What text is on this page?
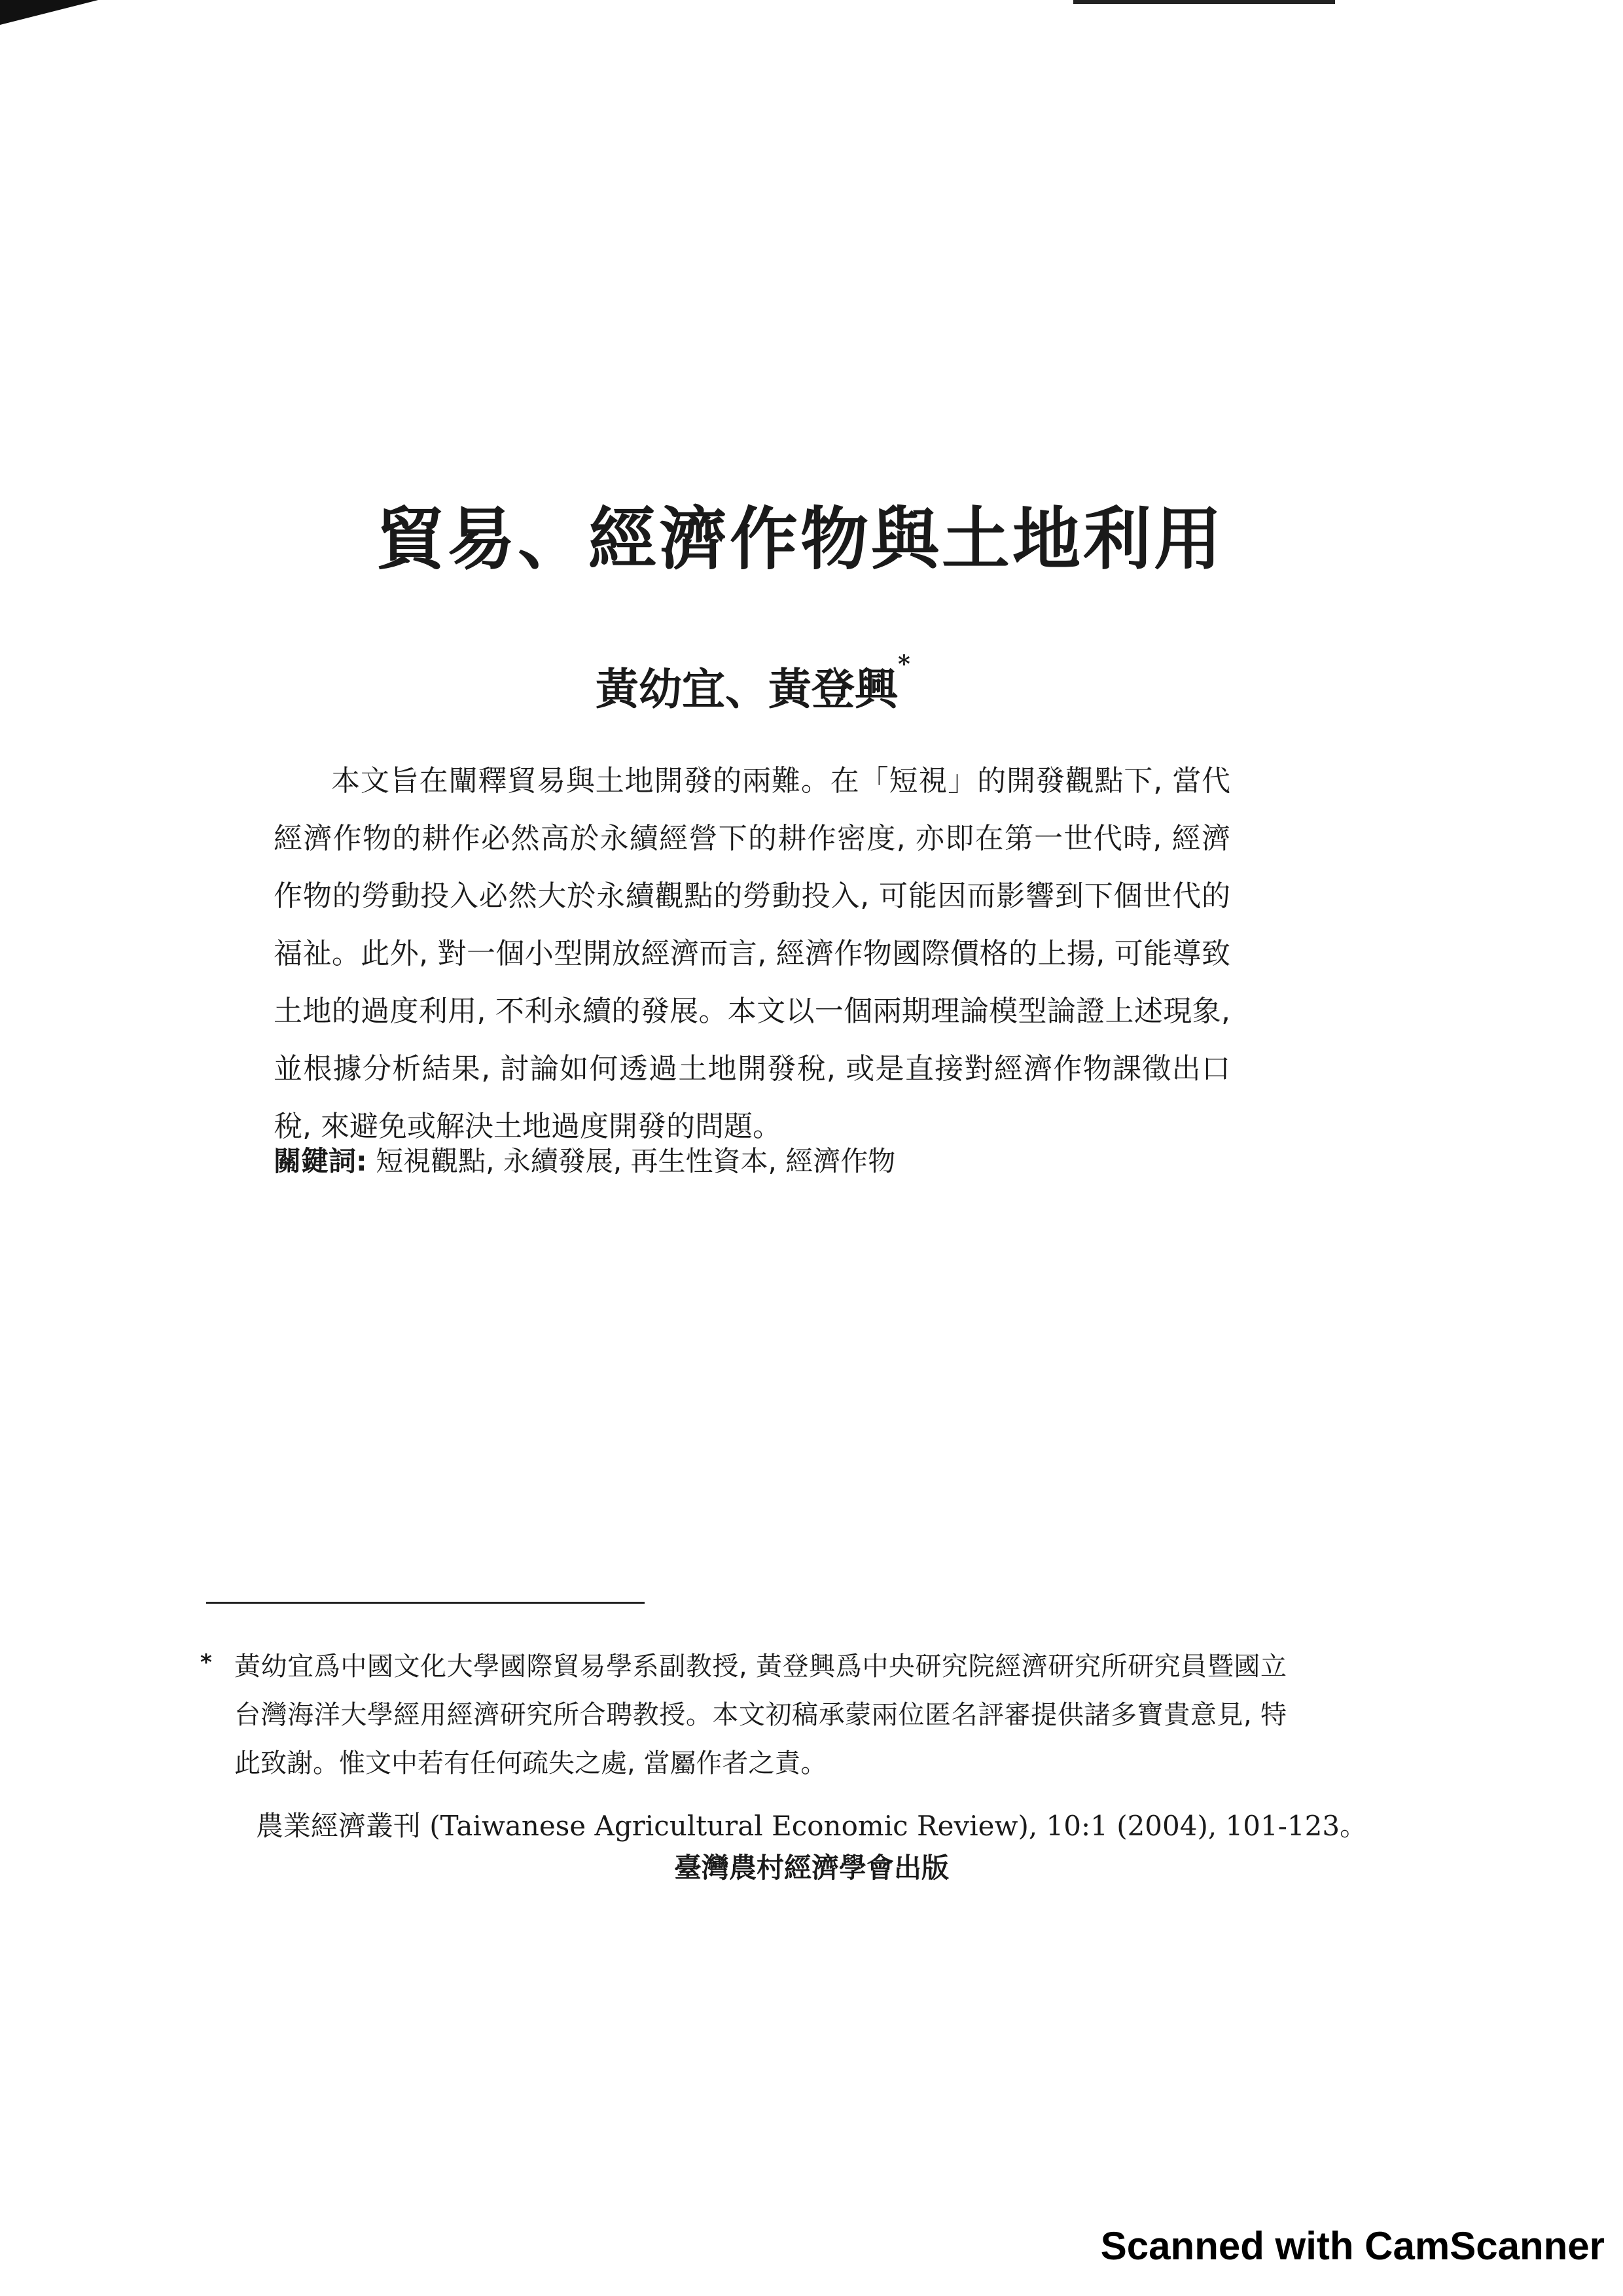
貿易、經濟作物與土地利用
黃幼宜、黃登興*

本文旨在闡釋貿易與土地開發的兩難。在「短視」的開發觀點下, 當代經濟作物的耕作必然高於永續經營下的耕作密度, 亦即在第一世代時, 經濟作物的勞動投入必然大於永續觀點的勞動投入, 可能因而影響到下個世代的福祉。此外, 對一個小型開放經濟而言, 經濟作物國際價格的上揚, 可能導致土地的過度利用, 不利永續的發展。本文以一個兩期理論模型論證上述現象, 並根據分析結果, 討論如何透過土地開發稅, 或是直接對經濟作物課徵出口稅, 來避免或解決土地過度開發的問題。

關鍵詞: 短視觀點, 永續發展, 再生性資本, 經濟作物
* 黃幼宜爲中國文化大學國際貿易學系副教授, 黃登興爲中央研究院經濟研究所研究員暨國立台灣海洋大學經用經濟研究所合聘教授。本文初稿承蒙兩位匿名評審提供諸多寶貴意見, 特此致謝。惟文中若有任何疏失之處, 當屬作者之責。
農業經濟叢刊 (Taiwanese Agricultural Economic Review), 10:1 (2004), 101-123。
臺灣農村經濟學會出版
Scanned with CamScanner
